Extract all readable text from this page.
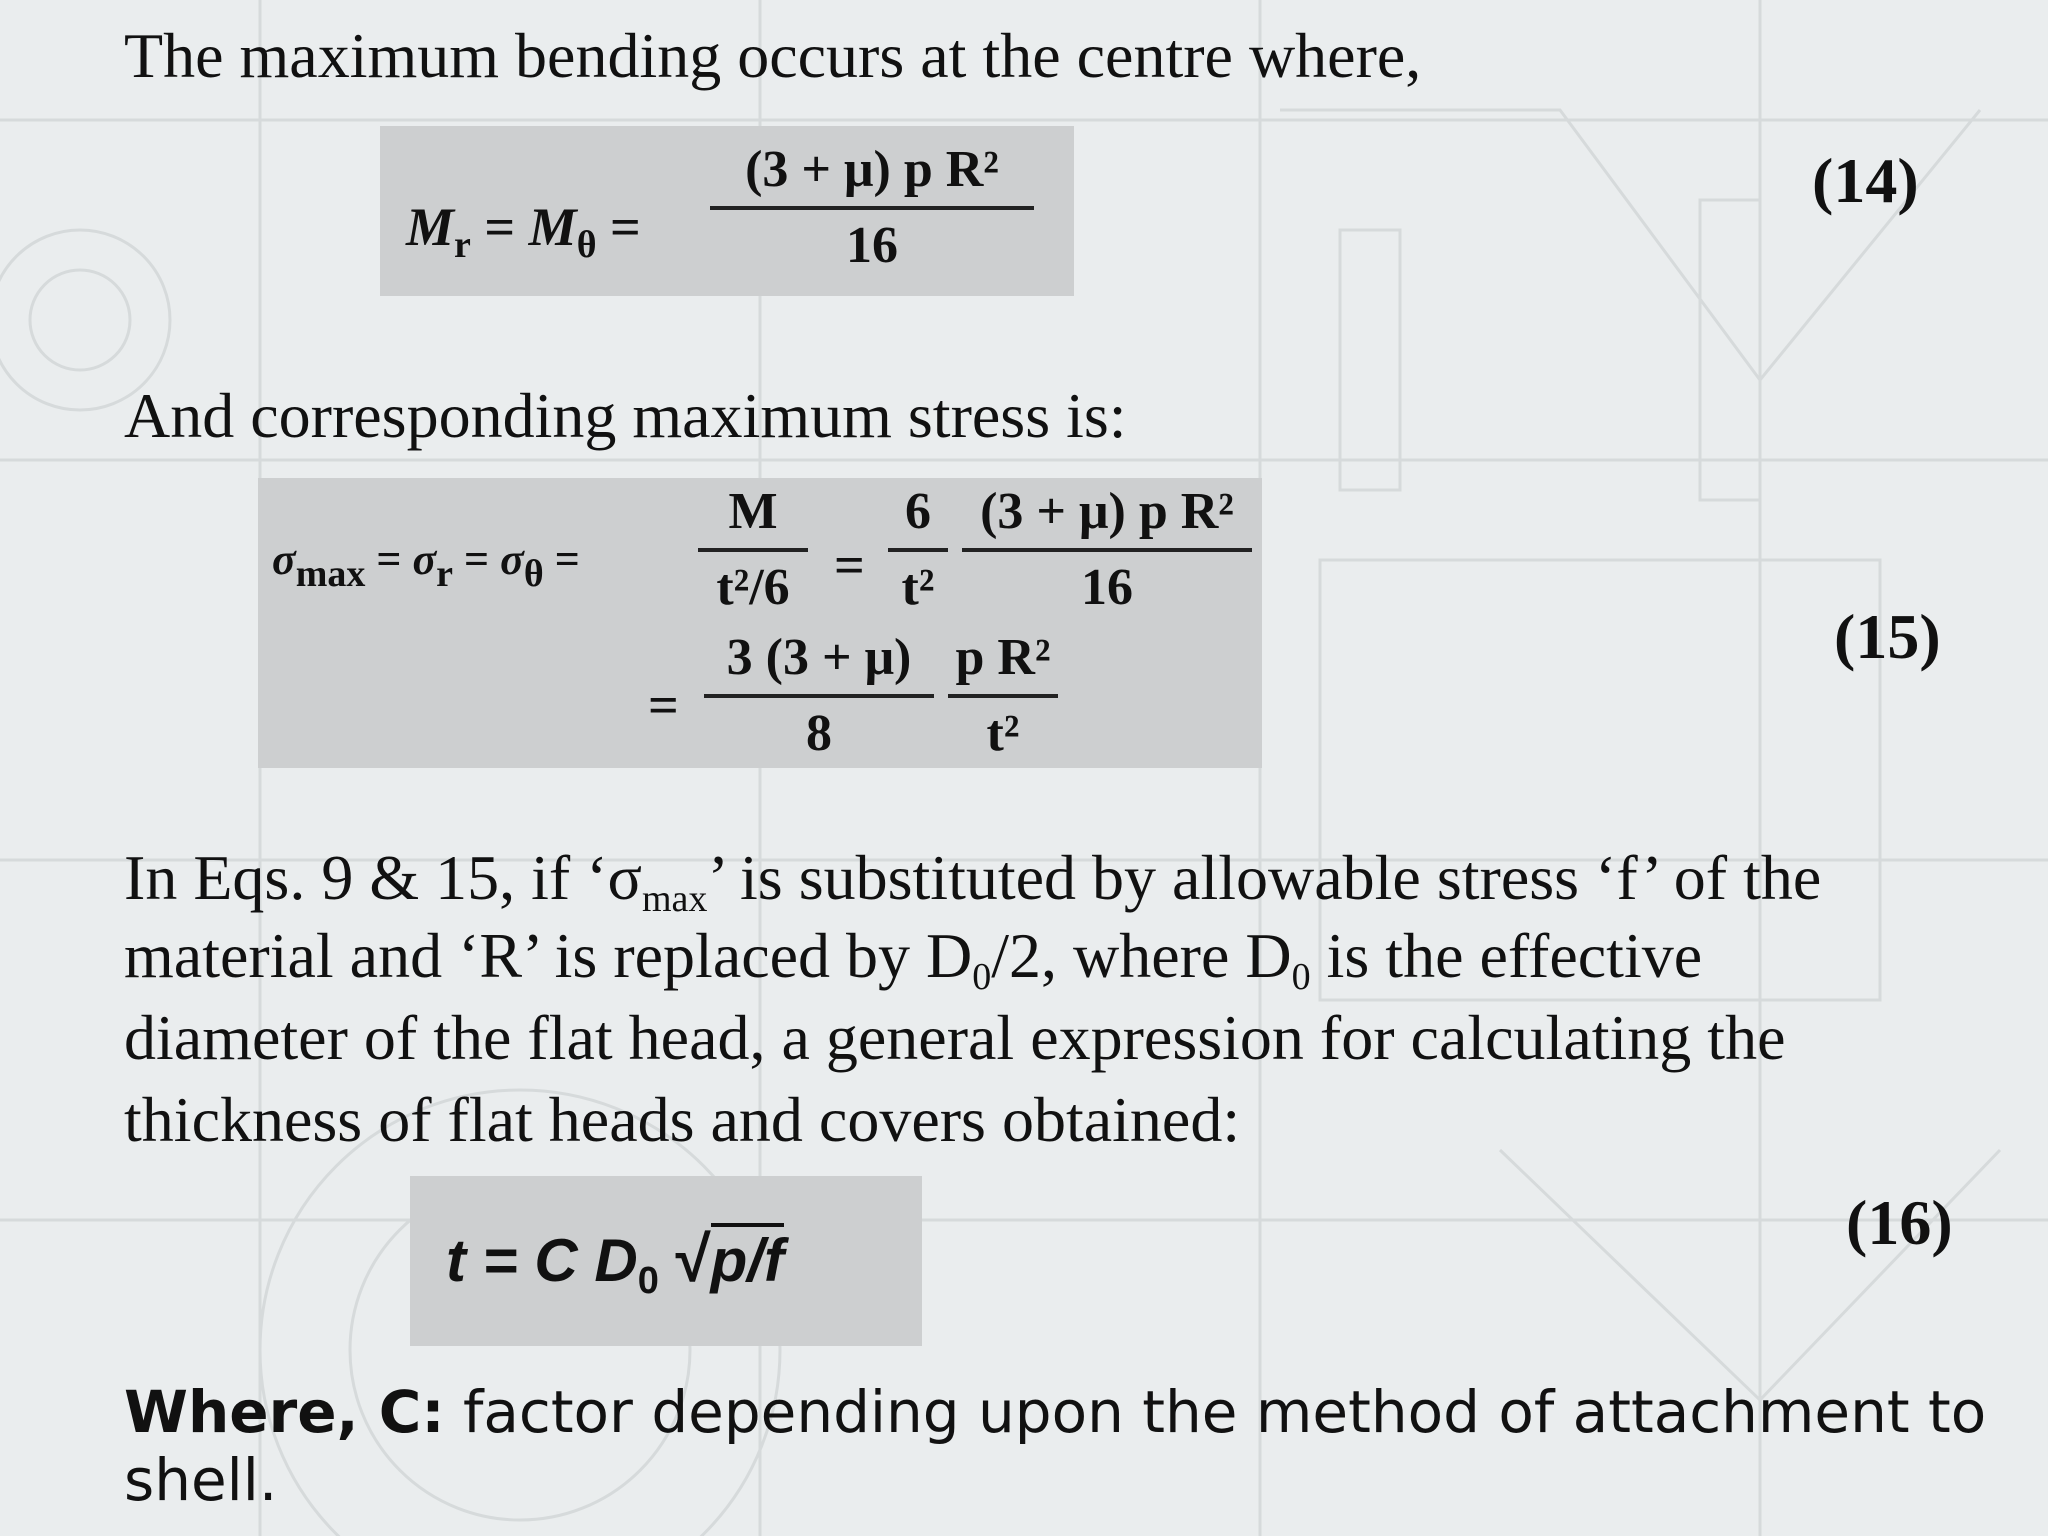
The maximum bending occurs at the centre where,

$M_r = M_\theta$ =
(3 + μ) p R²
16
(14)

And corresponding maximum stress is:

$\sigma_{max} = \sigma_r = \sigma_\theta$ =
M
t²/6 =
6
t²
(3 + μ) p R²
16
=
3 (3 + μ)
8
p R²
t²
(15)

In Eqs. 9 & 15, if ‘$\sigma_{max}$’ is substituted by allowable stress ‘f’ of the

material and ‘R’ is replaced by $D_0/2$, where $D_0$ is the effective

diameter of the flat head, a general expression for calculating the

thickness of flat heads and covers obtained:

t = C $D_0$ √p/f
(16)
Where, C: factor depending upon the method of attachment to shell.
